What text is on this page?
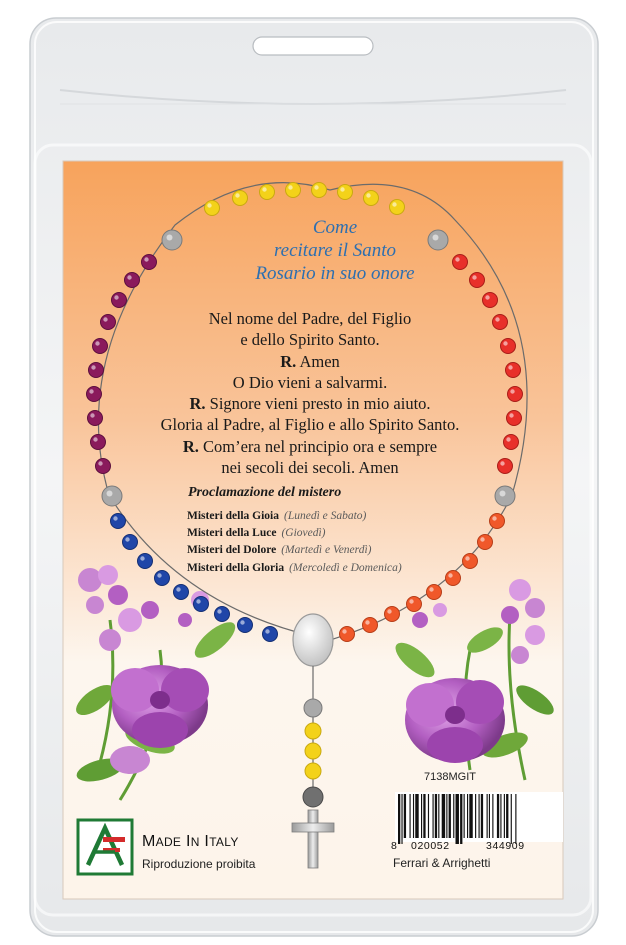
Come
recitare il Santo
Rosario in suo onore
Nel nome del Padre, del Figlio
e dello Spirito Santo.
R. Amen
O Dio vieni a salvarmi.
R. Signore vieni presto in mio aiuto.
Gloria al Padre, al Figlio e allo Spirito Santo.
R. Com’era nel principio ora e sempre
nei secoli dei secoli. Amen
Proclamazione del mistero
Misteri della Gioia (Lunedì e Sabato)
Misteri della Luce (Giovedì)
Misteri del Dolore (Martedì e Venerdì)
Misteri della Gloria (Mercoledì e Domenica)
7138MGIT
8 020052	344909
Ferrari & Arrighetti
MADE IN ITALY
Riproduzione proibita
